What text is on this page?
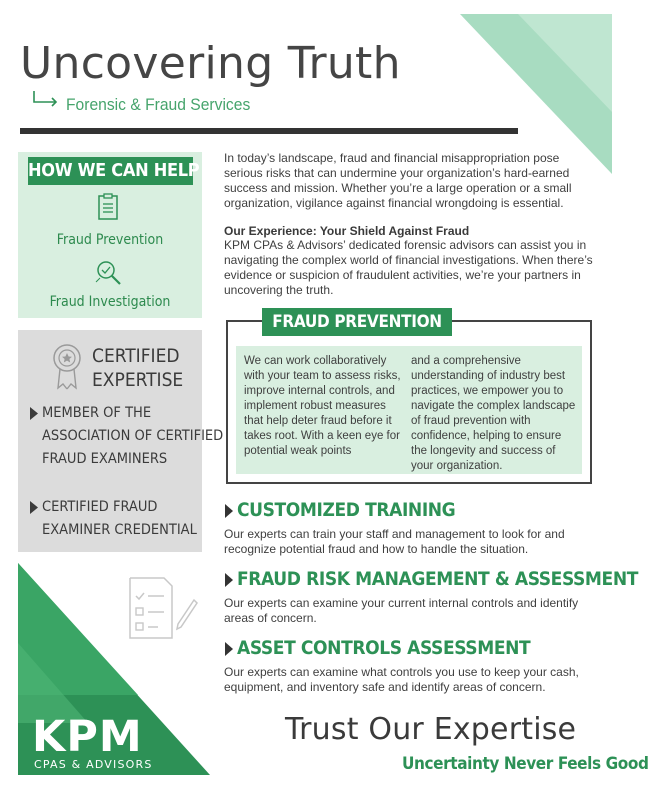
Uncovering Truth
Forensic & Fraud Services
HOW WE CAN HELP
Fraud Prevention
Fraud Investigation
CERTIFIED
EXPERTISE
MEMBER OF THE
ASSOCIATION OF CERTIFIED
FRAUD EXAMINERS
CERTIFIED FRAUD
EXAMINER CREDENTIAL
KPM
CPAS & ADVISORS

In today’s landscape, fraud and financial misappropriation pose serious risks that can undermine your organization’s hard-earned success and mission. Whether you’re a large operation or a small organization, vigilance against financial wrongdoing is essential.

Our Experience: Your Shield Against Fraud

KPM CPAs & Advisors’ dedicated forensic advisors can assist you in navigating the complex world of financial investigations. When there’s evidence or suspicion of fraudulent activities, we’re your partners in uncovering the truth.

FRAUD PREVENTION

We can work collaboratively with your team to assess risks, improve internal controls, and implement robust measures that help deter fraud before it takes root. With a keen eye for potential weak points

and a comprehensive understanding of industry best practices, we empower you to navigate the complex landscape of fraud prevention with confidence, helping to ensure the longevity and success of your organization.

CUSTOMIZED TRAINING

Our experts can train your staff and management to look for and recognize potential fraud and how to handle the situation.

FRAUD RISK MANAGEMENT & ASSESSMENT

Our experts can examine your current internal controls and identify areas of concern.

ASSET CONTROLS ASSESSMENT

Our experts can examine what controls you use to keep your cash, equipment, and inventory safe and identify areas of concern.

Trust Our Expertise
Uncertainty Never Feels Good
